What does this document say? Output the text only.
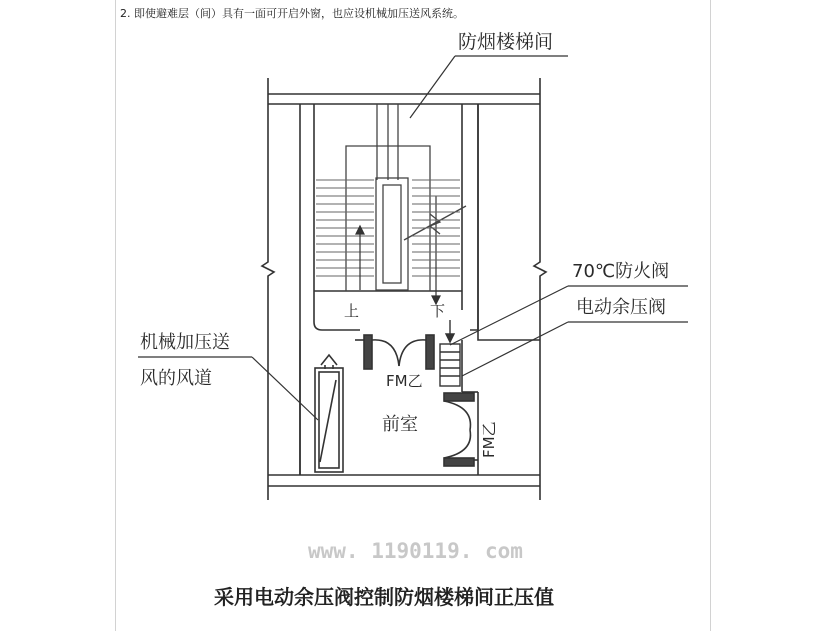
2. 即使避难层（间）具有一面可开启外窗，也应设机械加压送风系统。
防烟楼梯间
70℃防火阀
电动余压阀
机械加压送
风的风道
上	下
FM乙
FM乙
前室
www. 1190119. com
采用电动余压阀控制防烟楼梯间正压值
